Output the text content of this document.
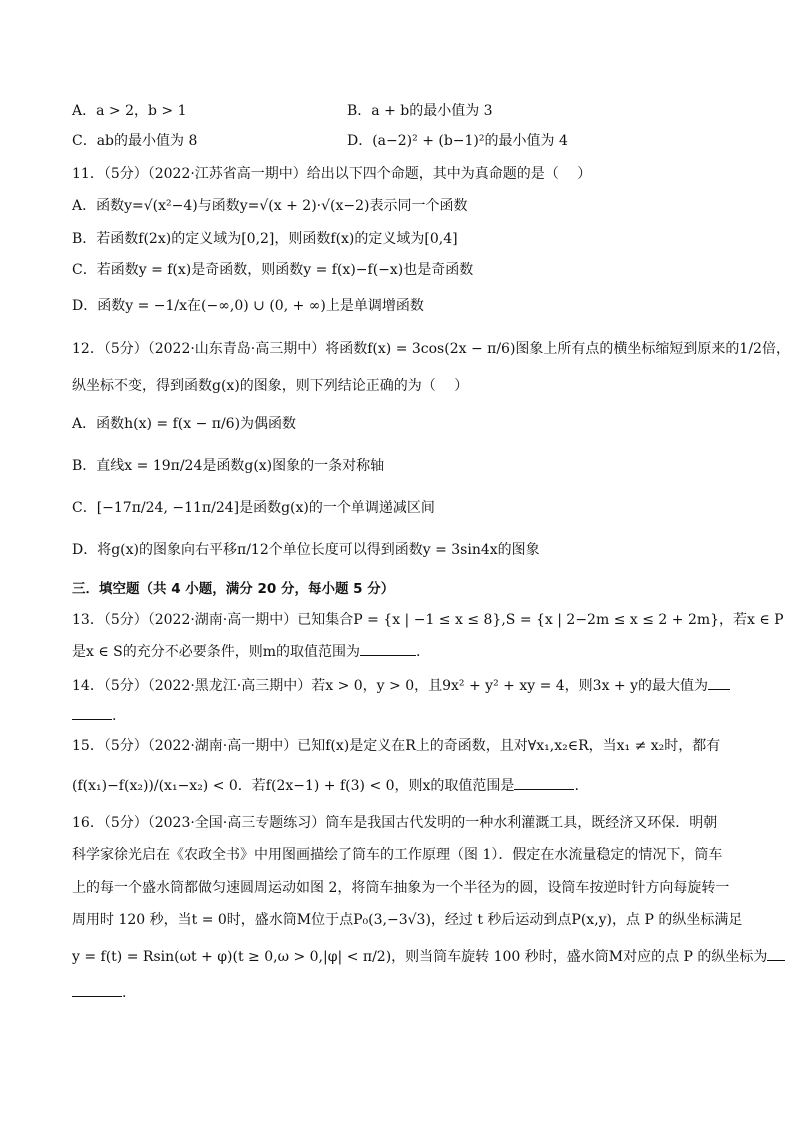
A．a > 2，b > 1	B．a + b的最小值为 3
C．ab的最小值为 8	D．(a−2)² + (b−1)²的最小值为 4
11．（5分）（2022·江苏省高一期中）给出以下四个命题，其中为真命题的是（　 ）
A．函数y=√(x²−4)与函数y=√(x + 2)·√(x−2)表示同一个函数
B．若函数f(2x)的定义域为[0,2]，则函数f(x)的定义域为[0,4]
C．若函数y = f(x)是奇函数，则函数y = f(x)−f(−x)也是奇函数
D．函数y = −1/x在(−∞,0) ∪ (0, + ∞)上是单调增函数
12．（5分）（2022·山东青岛·高三期中）将函数f(x) = 3cos(2x − π/6)图象上所有点的横坐标缩短到原来的1/2倍，
纵坐标不变，得到函数g(x)的图象，则下列结论正确的为（　 ）
A．函数h(x) = f(x − π/6)为偶函数
B．直线x = 19π/24是函数g(x)图象的一条对称轴
C．[−17π/24, −11π/24]是函数g(x)的一个单调递减区间
D．将g(x)的图象向右平移π/12个单位长度可以得到函数y = 3sin4x的图象
三．填空题（共 4 小题，满分 20 分，每小题 5 分）
13．（5分）（2022·湖南·高一期中）已知集合P = {x | −1 ≤ x ≤ 8},S = {x | 2−2m ≤ x ≤ 2 + 2m}，若x ∈ P
是x ∈ S的充分不必要条件，则m的取值范围为	.
14．（5分）（2022·黑龙江·高三期中）若x > 0，y > 0，且9x² + y² + xy = 4，则3x + y的最大值为
.
15．（5分）（2022·湖南·高一期中）已知f(x)是定义在R上的奇函数，且对∀x₁,x₂∈R，当x₁ ≠ x₂时，都有
(f(x₁)−f(x₂))/(x₁−x₂) < 0．若f(2x−1) + f(3) < 0，则x的取值范围是	.
16．（5分）（2023·全国·高三专题练习）筒车是我国古代发明的一种水利灌溉工具，既经济又环保．明朝
科学家徐光启在《农政全书》中用图画描绘了筒车的工作原理（图 1）．假定在水流量稳定的情况下，筒车
上的每一个盛水筒都做匀速圆周运动如图 2，将筒车抽象为一个半径为的圆，设筒车按逆时针方向每旋转一
周用时 120 秒，当t = 0时，盛水筒M位于点P₀(3,−3√3)，经过 t 秒后运动到点P(x,y)，点 P 的纵坐标满足
y = f(t) = Rsin(ωt + φ)(t ≥ 0,ω > 0,|φ| < π/2)，则当筒车旋转 100 秒时，盛水筒M对应的点 P 的纵坐标为
.
